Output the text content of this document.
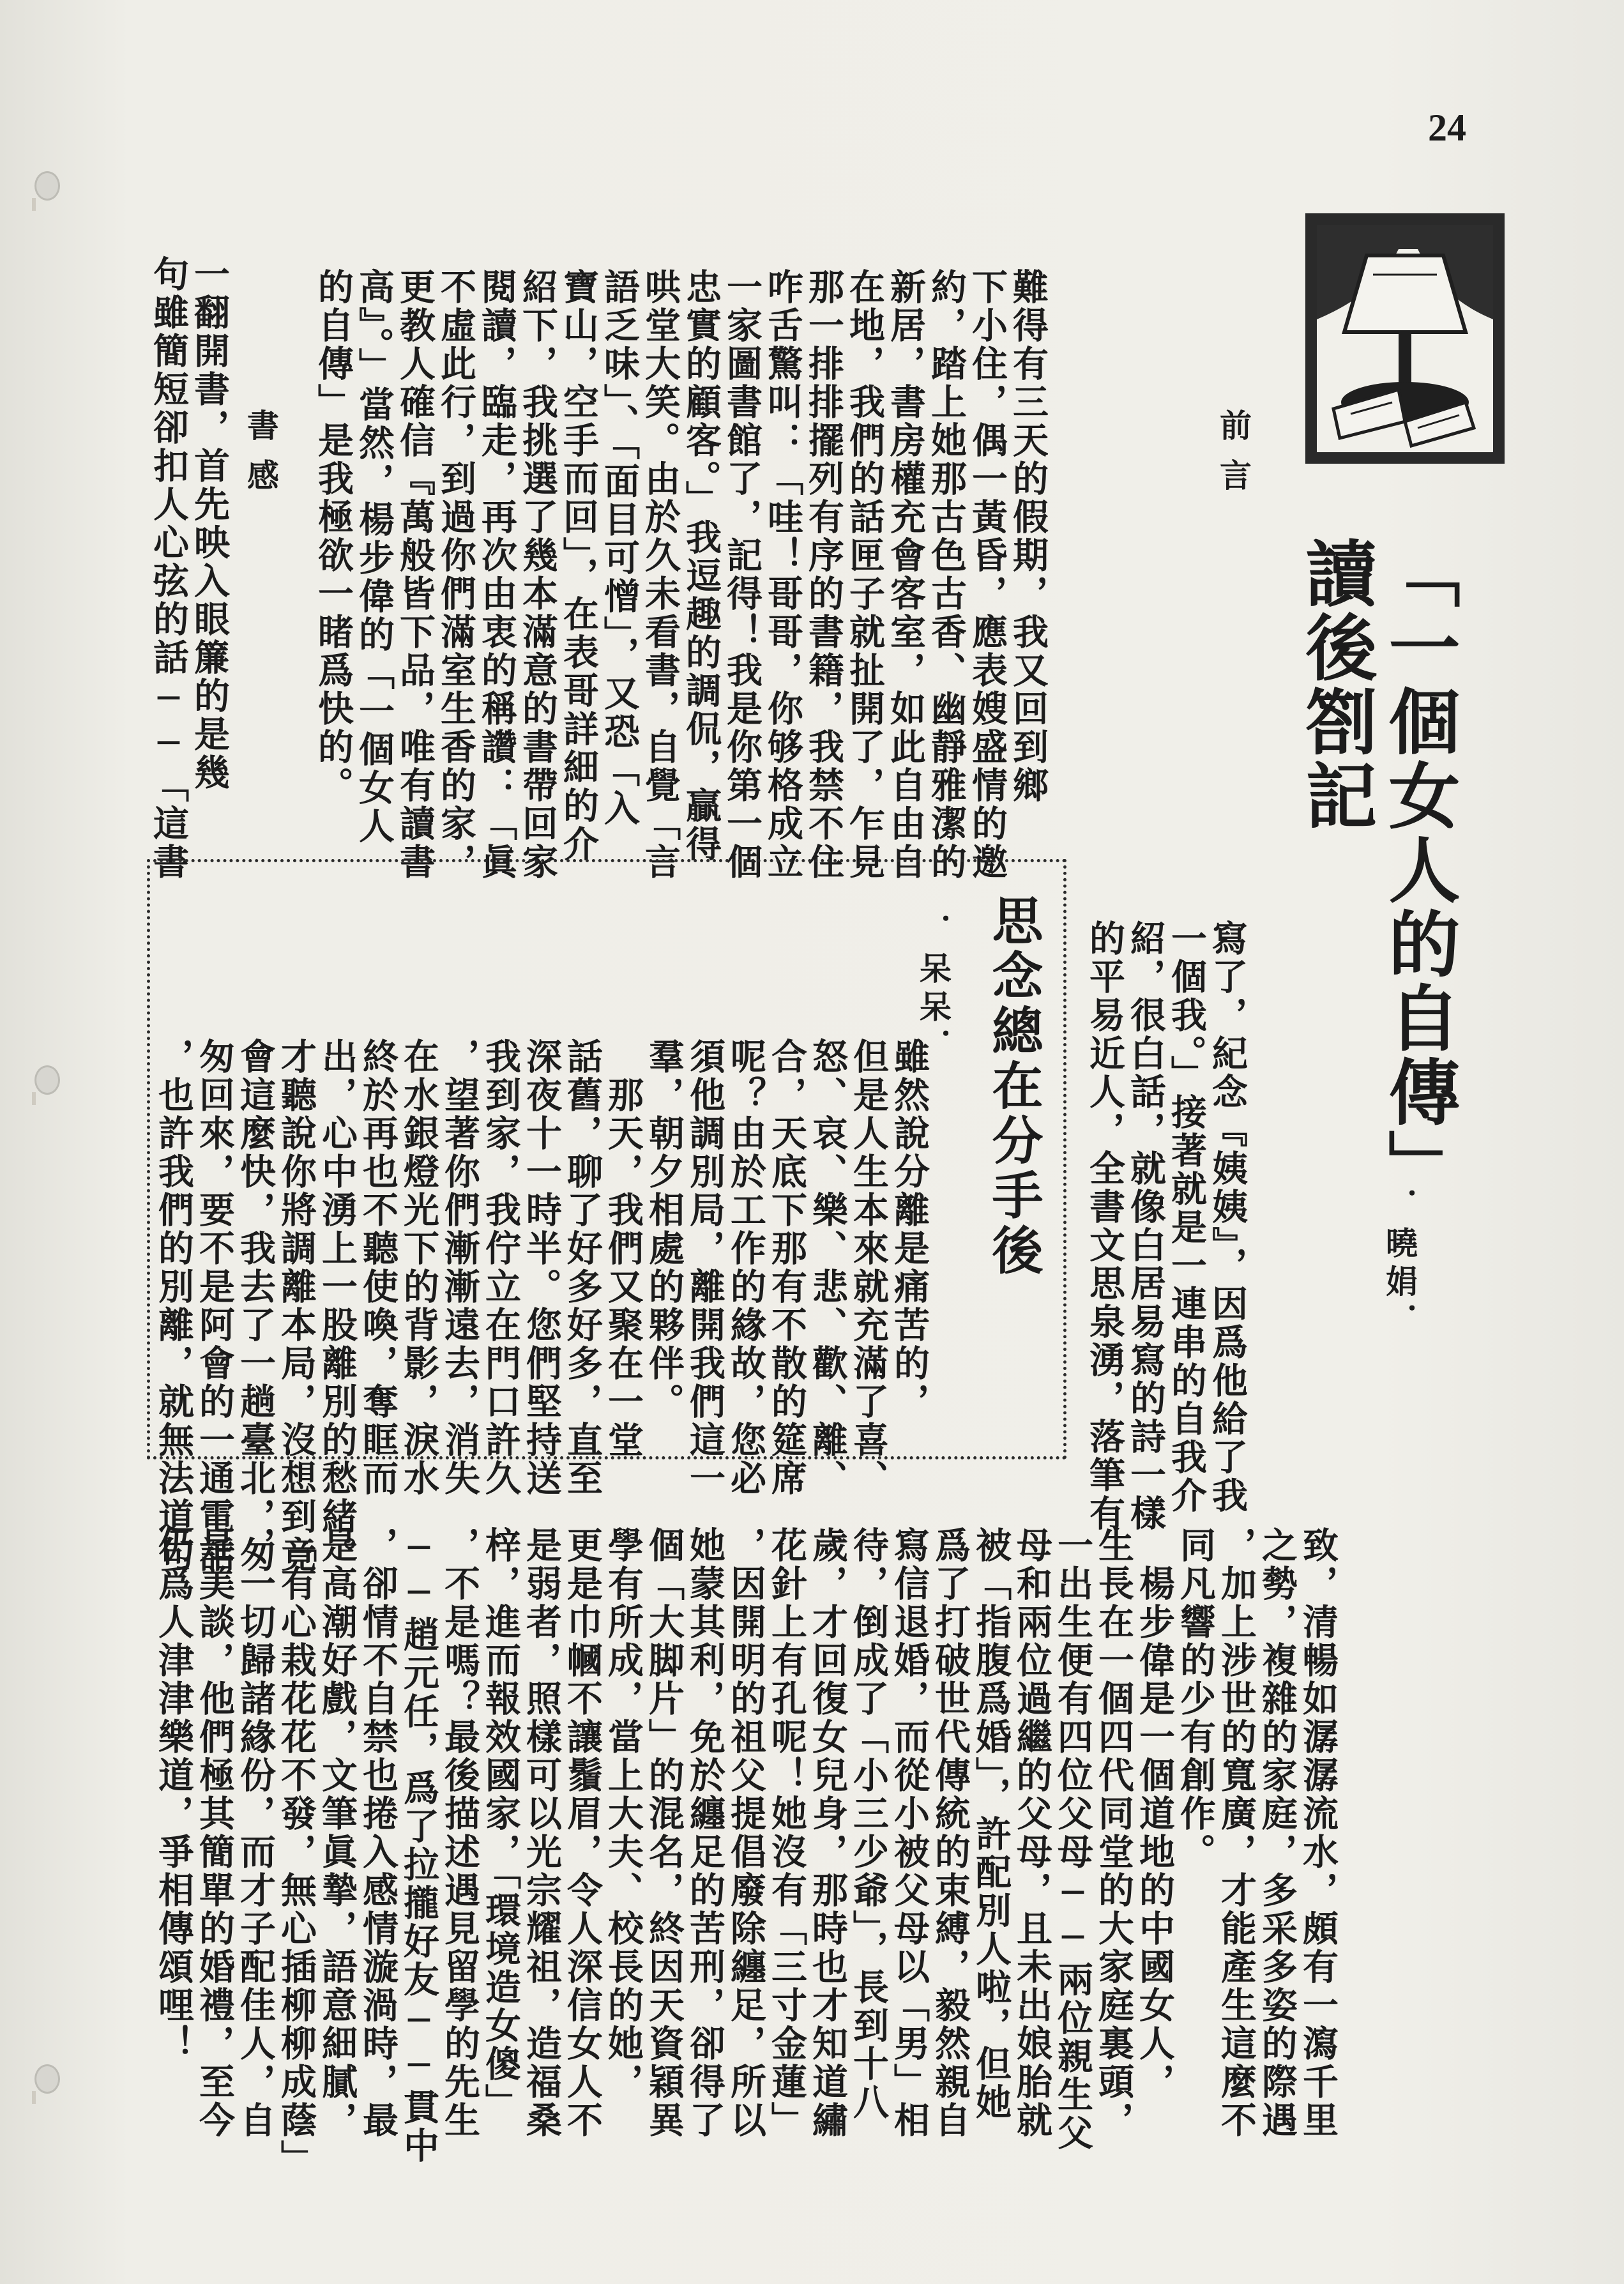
24
「一個女人的自傳」
讀後劄記
．曉娟．
前言
難得有三天的假期，我又回到鄉
下小住，偶一黃昏，應表嫂盛情的邀
約，踏上她那古色古香、幽靜雅潔的
新居，書房權充會客室，如此自由自
在地，我們的話匣子就扯開了，乍見
那一排排擺列有序的書籍，我禁不住
咋舌驚叫：「哇！哥哥，你够格成立
一家圖書館了，記得！我是你第一個
忠實的顧客。」我逗趣的調侃，贏得
哄堂大笑。由於久未看書，自覺「言
語乏味」、「面目可憎」，又恐「入
寶山，空手而回」，在表哥詳細的介
紹下，我挑選了幾本滿意的書帶回家
閱讀，臨走，再次由衷的稱讚：「眞
不虛此行，到過你們滿室生香的家，
更教人確信『萬般皆下品，唯有讀書
高』。」當然，楊步偉的「一個女人
的自傳」是我極欲一睹爲快的。
書感
一翻開書，首先映入眼簾的是幾
句雖簡短卻扣人心弦的話──「這書
寫了，紀念『姨姨』，因爲他給了我
一個我。」接著就是一連串的自我介
紹，很白話，就像白居易寫的詩一樣
的平易近人，全書文思泉湧，落筆有
思念總在分手後
．呆呆．
雖然說分離是痛苦的，
但是人生本來就充滿了喜、
怒、哀、樂、悲、歡、離、
合，天底下那有不散的筵席
呢？由於工作的緣故，您必
須他調別局，離開我們這一
羣，朝夕相處的夥伴。
　那天，我們又聚在一堂
話舊，聊了好多好多，直至
深夜十一時半。您們堅持送
我到家，我佇立在門口許久
，望著你們漸漸遠去，消失
在水銀燈光下的背影，淚水
終於再也不聽使喚，奪眶而
出，心中湧上一股離別的愁緒。
才聽說你將調離本局，沒想到竟
會這麼快，我去了一趟臺北，匆
匆回來，要不是阿會的一通電話
，也許我們的別離，就無法道句
致，清暢如潺潺流水，頗有一瀉千里
之勢，複雜的家庭，多采多姿的際遇
，加上涉世的寬廣，才能產生這麼不
同凡響的少有創作。
　楊步偉是一個道地的中國女人，
生長在一個四代同堂的大家庭裏頭，
一出生便有四位父母──兩位親生父
母和兩位過繼的父母，且未出娘胎就
被「指腹爲婚」，許配別人啦，但她
爲了打破世代傳統的束縛，毅然親自
寫信退婚，而從小被父母以「男」相
待，倒成了「小三少爺」，長到十八
歲，才回復女兒身，那時也才知道繡
花針上有孔呢！她沒有「三寸金蓮」
，因開明的祖父提倡廢除纏足，所以
她蒙其利，免於纏足的苦刑，卻得了
個「大脚片」的混名，終因天資穎異
學有所成，當上大夫、校長的她，
更是巾幗不讓鬚眉，令人深信女人不
是弱者，照樣可以光宗耀祖，造福桑
梓，進而報效國家，「環境造女傻」
，不是嗎？最後描述遇見留學的先生
──趙元任，爲了拉攏好友──貫中
，卻情不自禁也捲入感情漩渦時，最
是高潮好戲，文筆眞摯，語意細膩，
「有心栽花花不發，無心插柳柳成蔭」
，一切歸諸緣份，而才子配佳人，自
是美談，他們極其簡單的婚禮，至今
仍爲人津津樂道，爭相傳頌哩！
